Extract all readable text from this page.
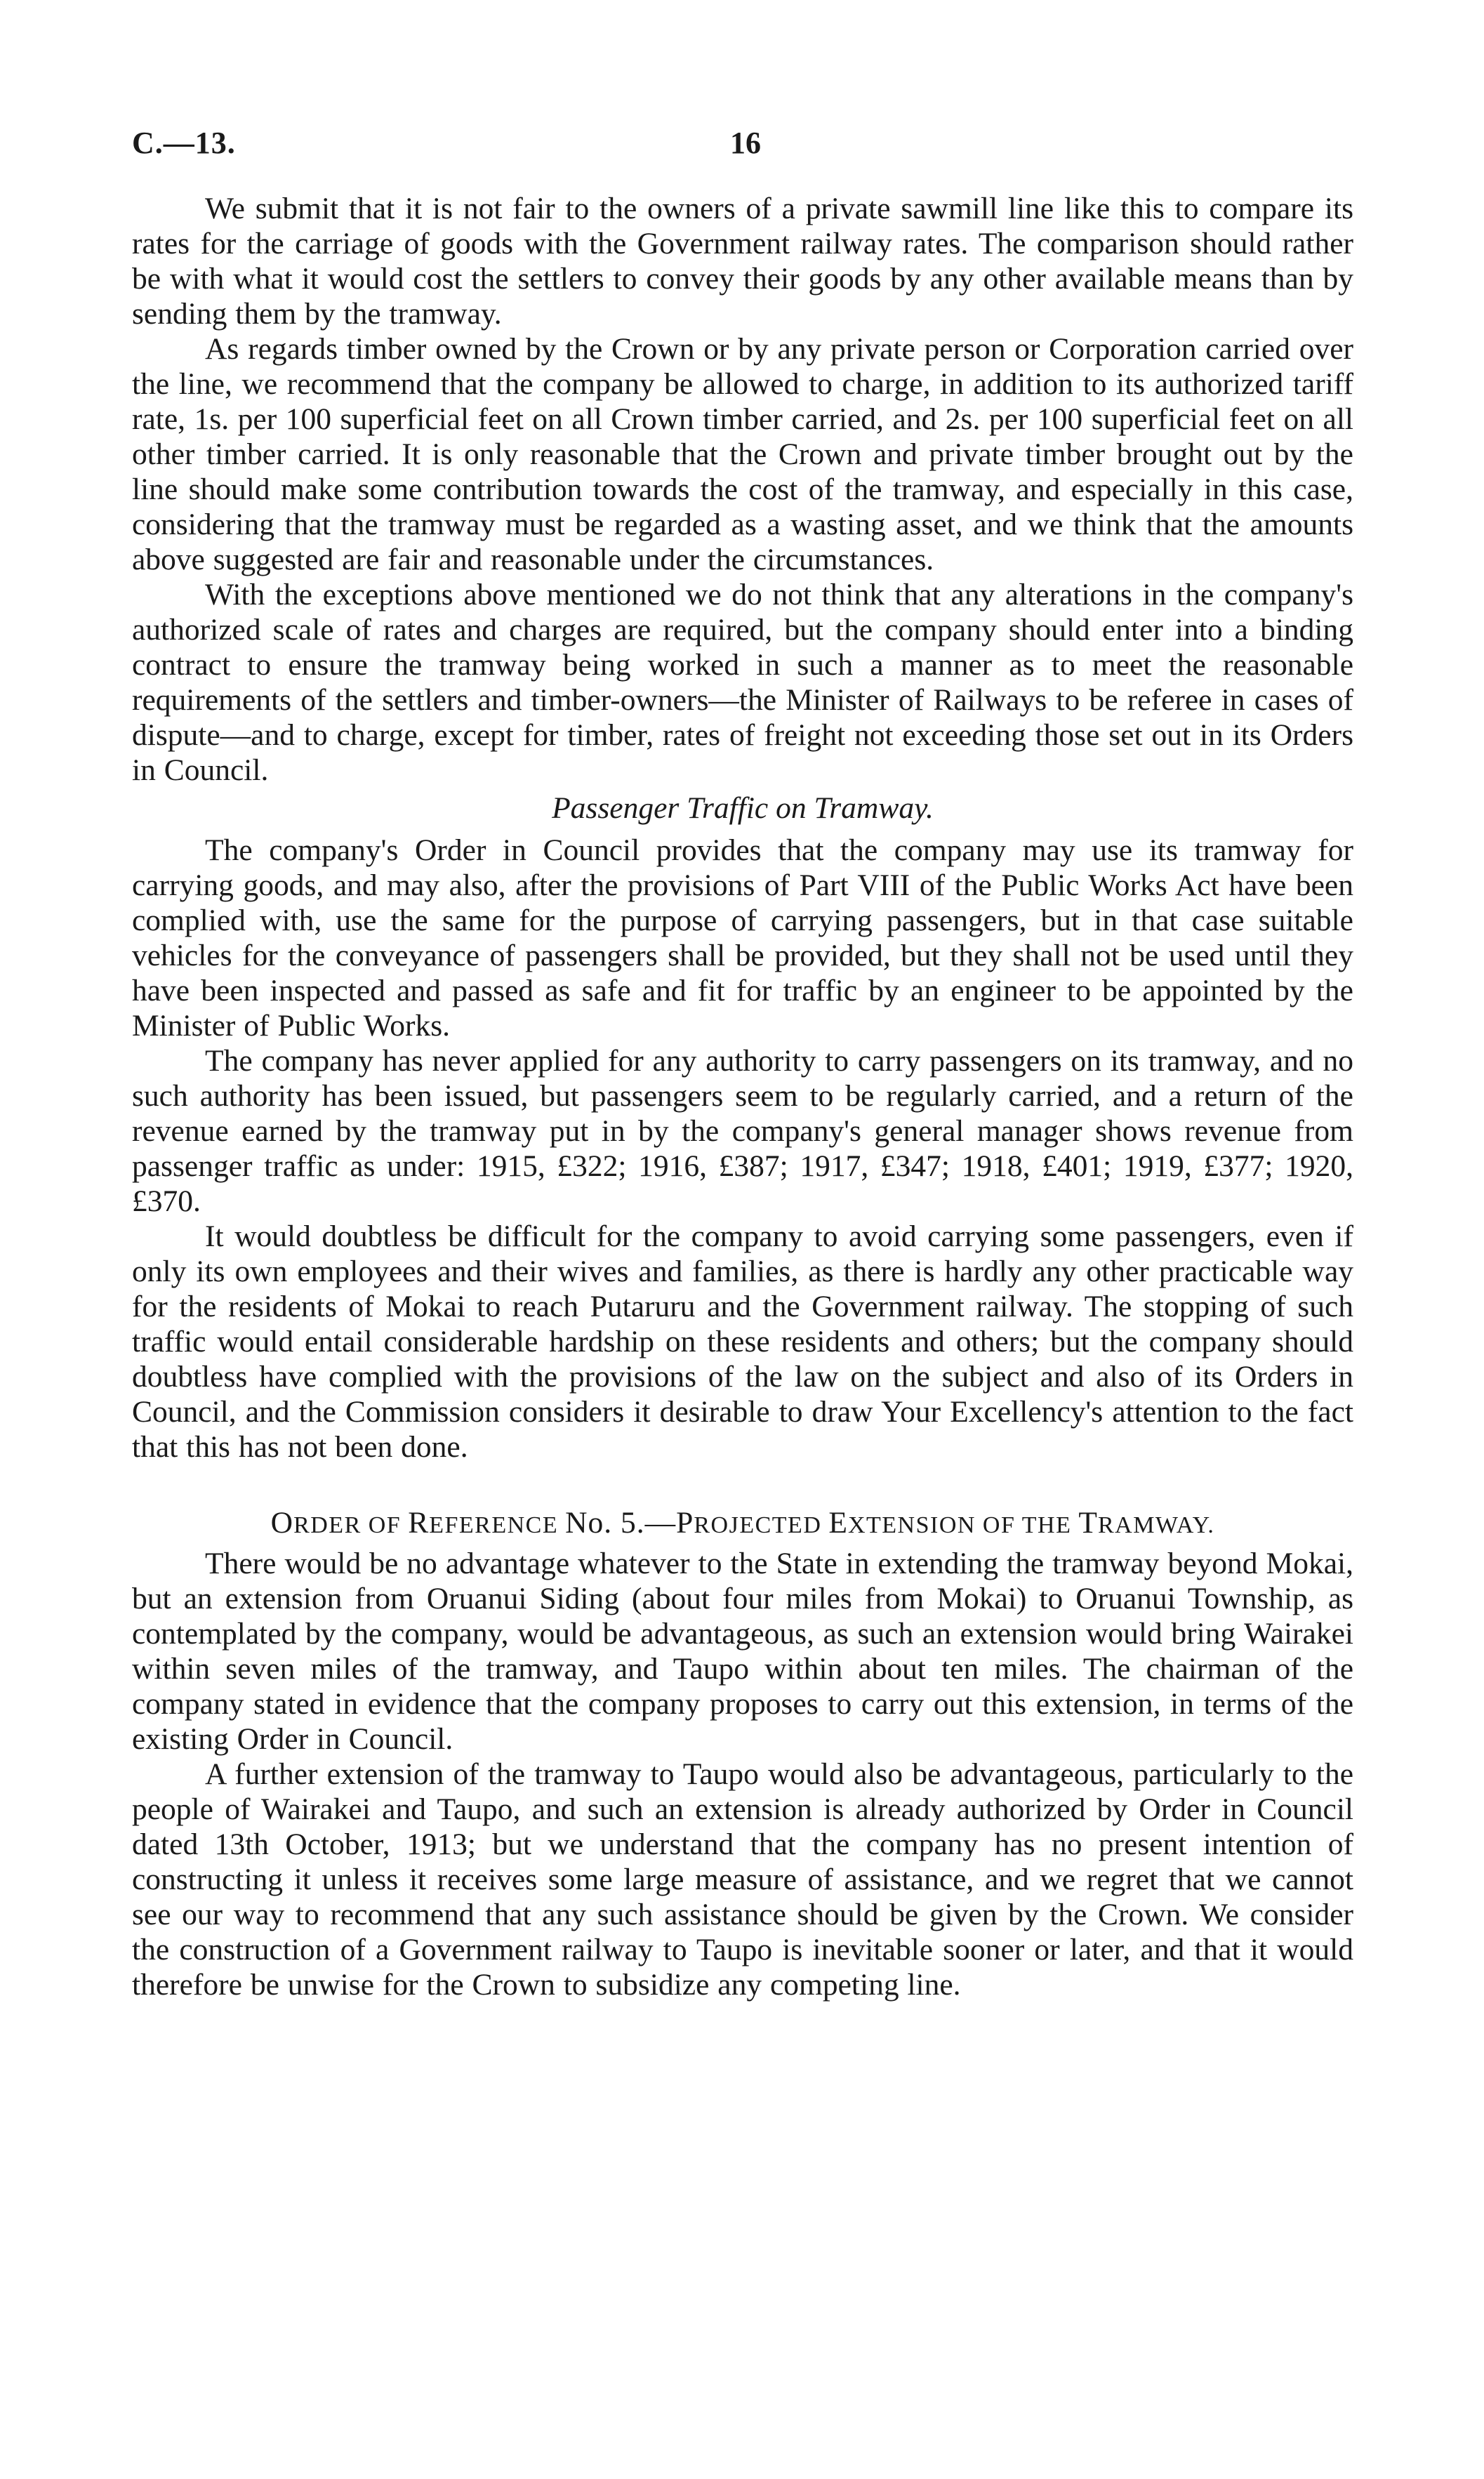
C.—13.	16

We submit that it is not fair to the owners of a private sawmill line like this to compare its rates for the carriage of goods with the Government railway rates. The comparison should rather be with what it would cost the settlers to convey their goods by any other available means than by sending them by the tramway.

As regards timber owned by the Crown or by any private person or Corporation carried over the line, we recommend that the company be allowed to charge, in addition to its authorized tariff rate, 1s. per 100 superficial feet on all Crown timber carried, and 2s. per 100 superficial feet on all other timber carried. It is only reasonable that the Crown and private timber brought out by the line should make some contribution towards the cost of the tramway, and especially in this case, considering that the tramway must be regarded as a wasting asset, and we think that the amounts above suggested are fair and reasonable under the circumstances.

With the exceptions above mentioned we do not think that any alterations in the company's authorized scale of rates and charges are required, but the company should enter into a binding contract to ensure the tramway being worked in such a manner as to meet the reasonable requirements of the settlers and timber-owners—the Minister of Railways to be referee in cases of dispute—and to charge, except for timber, rates of freight not exceeding those set out in its Orders in Council.

Passenger Traffic on Tramway.

The company's Order in Council provides that the company may use its tramway for carrying goods, and may also, after the provisions of Part VIII of the Public Works Act have been complied with, use the same for the purpose of carrying passengers, but in that case suitable vehicles for the conveyance of passengers shall be provided, but they shall not be used until they have been inspected and passed as safe and fit for traffic by an engineer to be appointed by the Minister of Public Works.

The company has never applied for any authority to carry passengers on its tramway, and no such authority has been issued, but passengers seem to be regularly carried, and a return of the revenue earned by the tramway put in by the company's general manager shows revenue from passenger traffic as under: 1915, £322; 1916, £387; 1917, £347; 1918, £401; 1919, £377; 1920, £370.

It would doubtless be difficult for the company to avoid carrying some passengers, even if only its own employees and their wives and families, as there is hardly any other practicable way for the residents of Mokai to reach Putaruru and the Government railway. The stopping of such traffic would entail considerable hardship on these residents and others; but the company should doubtless have complied with the provisions of the law on the subject and also of its Orders in Council, and the Commission considers it desirable to draw Your Excellency's attention to the fact that this has not been done.

ORDER OF REFERENCE No. 5.—PROJECTED EXTENSION OF THE TRAMWAY.

There would be no advantage whatever to the State in extending the tramway beyond Mokai, but an extension from Oruanui Siding (about four miles from Mokai) to Oruanui Township, as contemplated by the company, would be advantageous, as such an extension would bring Wairakei within seven miles of the tramway, and Taupo within about ten miles. The chairman of the company stated in evidence that the company proposes to carry out this extension, in terms of the existing Order in Council.

A further extension of the tramway to Taupo would also be advantageous, particularly to the people of Wairakei and Taupo, and such an extension is already authorized by Order in Council dated 13th October, 1913; but we understand that the company has no present intention of constructing it unless it receives some large measure of assistance, and we regret that we cannot see our way to recommend that any such assistance should be given by the Crown. We consider the construction of a Government railway to Taupo is inevitable sooner or later, and that it would therefore be unwise for the Crown to subsidize any competing line.
